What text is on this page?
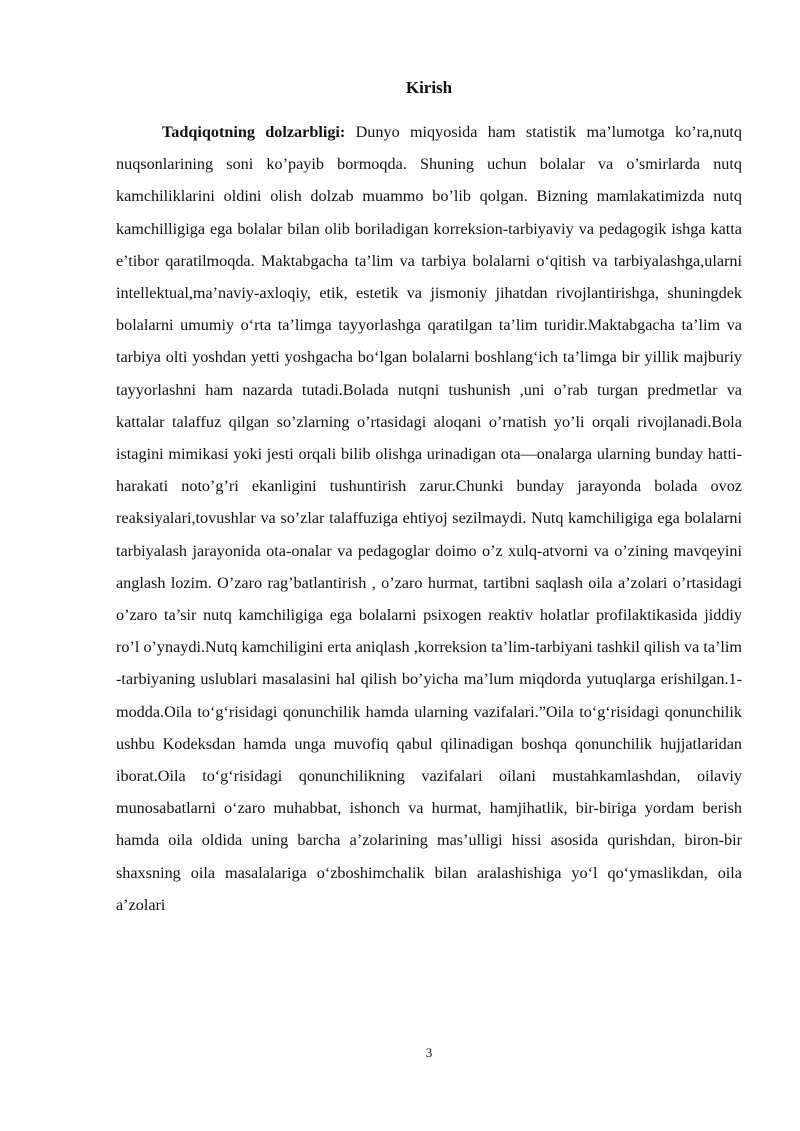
Kirish

Tadqiqotning dolzarbligi: Dunyo miqyosida ham statistik ma’lumotga ko’ra,nutq nuqsonlarining soni ko’payib bormoqda. Shuning uchun bolalar va o’smirlarda nutq kamchiliklarini oldini olish dolzab muammo bo’lib qolgan. Bizning mamlakatimizda nutq kamchilligiga ega bolalar bilan olib boriladigan korreksion-tarbiyaviy va pedagogik ishga katta e’tibor qaratilmoqda. Maktabgacha ta’lim va tarbiya bolalarni o‘qitish va tarbiyalashga,ularni intellektual,ma’naviy-axloqiy, etik, estetik va jismoniy jihatdan rivojlantirishga, shuningdek bolalarni umumiy o‘rta ta’limga tayyorlashga qaratilgan ta’lim turidir.Maktabgacha ta’lim va tarbiya olti yoshdan yetti yoshgacha bo‘lgan bolalarni boshlang‘ich ta’limga bir yillik majburiy tayyorlashni ham nazarda tutadi.Bolada nutqni tushunish ,uni o’rab turgan predmetlar va kattalar talaffuz qilgan so’zlarning o’rtasidagi aloqani o’rnatish yo’li orqali rivojlanadi.Bola istagini mimikasi yoki jesti orqali bilib olishga urinadigan ota—onalarga ularning bunday hatti-harakati noto’g’ri ekanligini tushuntirish zarur.Chunki bunday jarayonda bolada ovoz reaksiyalari,tovushlar va so’zlar talaffuziga ehtiyoj sezilmaydi. Nutq kamchiligiga ega bolalarni tarbiyalash jarayonida ota-onalar va pedagoglar doimo o’z xulq-atvorni va o’zining mavqeyini anglash lozim. O’zaro rag’batlantirish , o’zaro hurmat, tartibni saqlash oila a’zolari o’rtasidagi o’zaro ta’sir nutq kamchiligiga ega bolalarni psixogen reaktiv holatlar profilaktikasida jiddiy ro’l o’ynaydi.Nutq kamchiligini erta aniqlash ,korreksion ta’lim-tarbiyani tashkil qilish va ta’lim -tarbiyaning uslublari masalasini hal qilish bo’yicha ma’lum miqdorda yutuqlarga erishilgan.1-modda.Oila to‘g‘risidagi qonunchilik hamda ularning vazifalari.”Oila to‘g‘risidagi qonunchilik ushbu Kodeksdan hamda unga muvofiq qabul qilinadigan boshqa qonunchilik hujjatlaridan iborat.Oila to‘g‘risidagi qonunchilikning vazifalari oilani mustahkamlashdan, oilaviy munosabatlarni o‘zaro muhabbat, ishonch va hurmat, hamjihatlik, bir-biriga yordam berish hamda oila oldida uning barcha a’zolarining mas’ulligi hissi asosida qurishdan, biron-bir shaxsning oila masalalariga o‘zboshimchalik bilan aralashishiga yo‘l qo‘ymaslikdan, oila a’zolari

3
